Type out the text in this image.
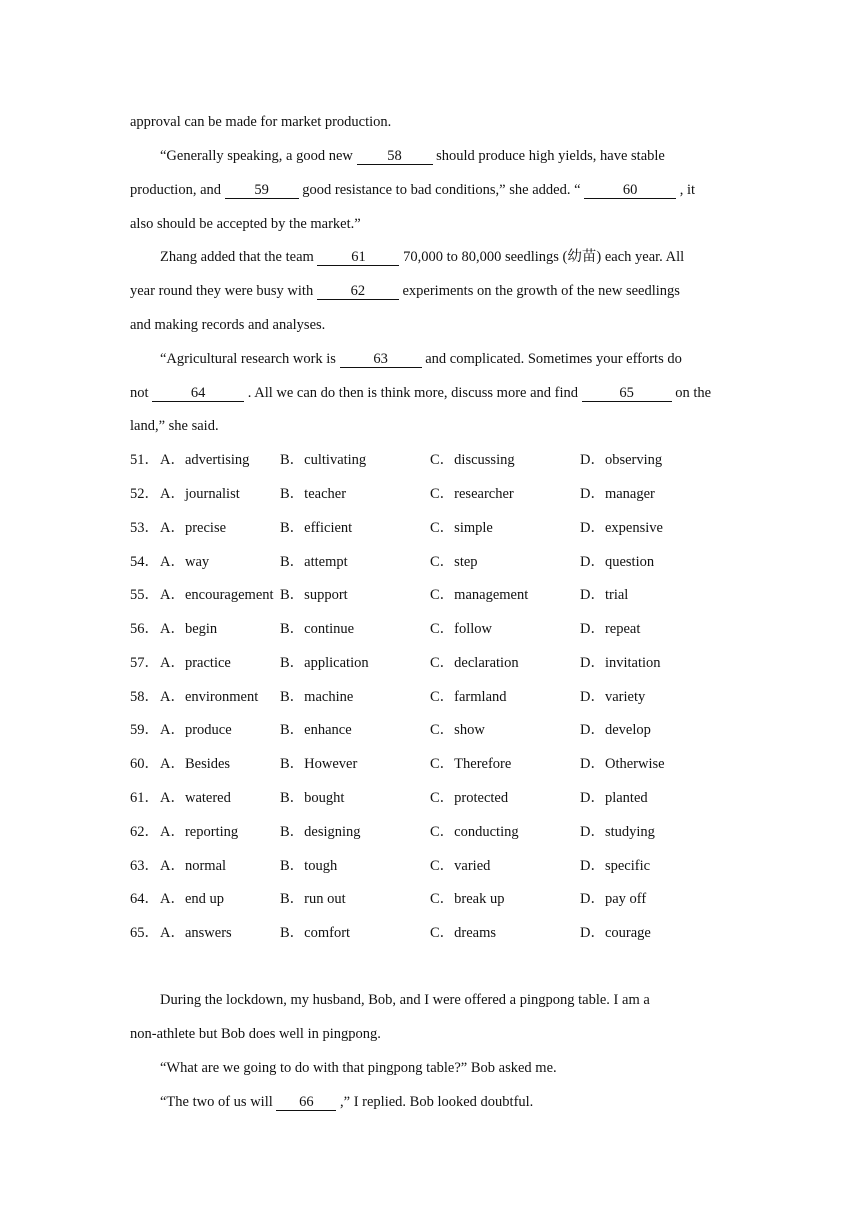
approval can be made for market production.
“Generally speaking, a good new 58 should produce high yields, have stable
production, and 59 good resistance to bad conditions,” she added. “	60	, it
also should be accepted by the market.”
Zhang added that the team 61 70,000 to 80,000 seedlings (幼苗) each year. All
year round they were busy with 62 experiments on the growth of the new seedlings
and making records and analyses.
“Agricultural research work is 63 and complicated. Sometimes your efforts do
not	64	. All we can do then is think more, discuss more and find	65	on the
land,” she said.
51． A．advertising B．cultivating	C．discussing	D．observing
52． A．journalist	B．teacher	C．researcher	D．manager
53． A．precise	B．efficient	C．simple	D．expensive
54． A．way	B．attempt	C．step	D．question
55． A．encouragement B．support	C．management	D．trial
56． A．begin	B．continue	C．follow	D．repeat
57． A．practice	B．application	C．declaration	D．invitation
58． A．environment B．machine	C．farmland	D．variety
59． A．produce	B．enhance	C．show	D．develop
60． A．Besides	B．However	C．Therefore	D．Otherwise
61． A．watered	B．bought	C．protected	D．planted
62． A．reporting	B．designing	C．conducting	D．studying
63． A．normal	B．tough	C．varied	D．specific
64． A．end up	B．run out	C．break up	D．pay off
65． A．answers	B．comfort	C．dreams	D．courage
During the lockdown, my husband, Bob, and I were offered a pingpong table. I am a
non-athlete but Bob does well in pingpong.
“What are we going to do with that pingpong table?” Bob asked me.
“The two of us will 66 ,” I replied. Bob looked doubtful.
